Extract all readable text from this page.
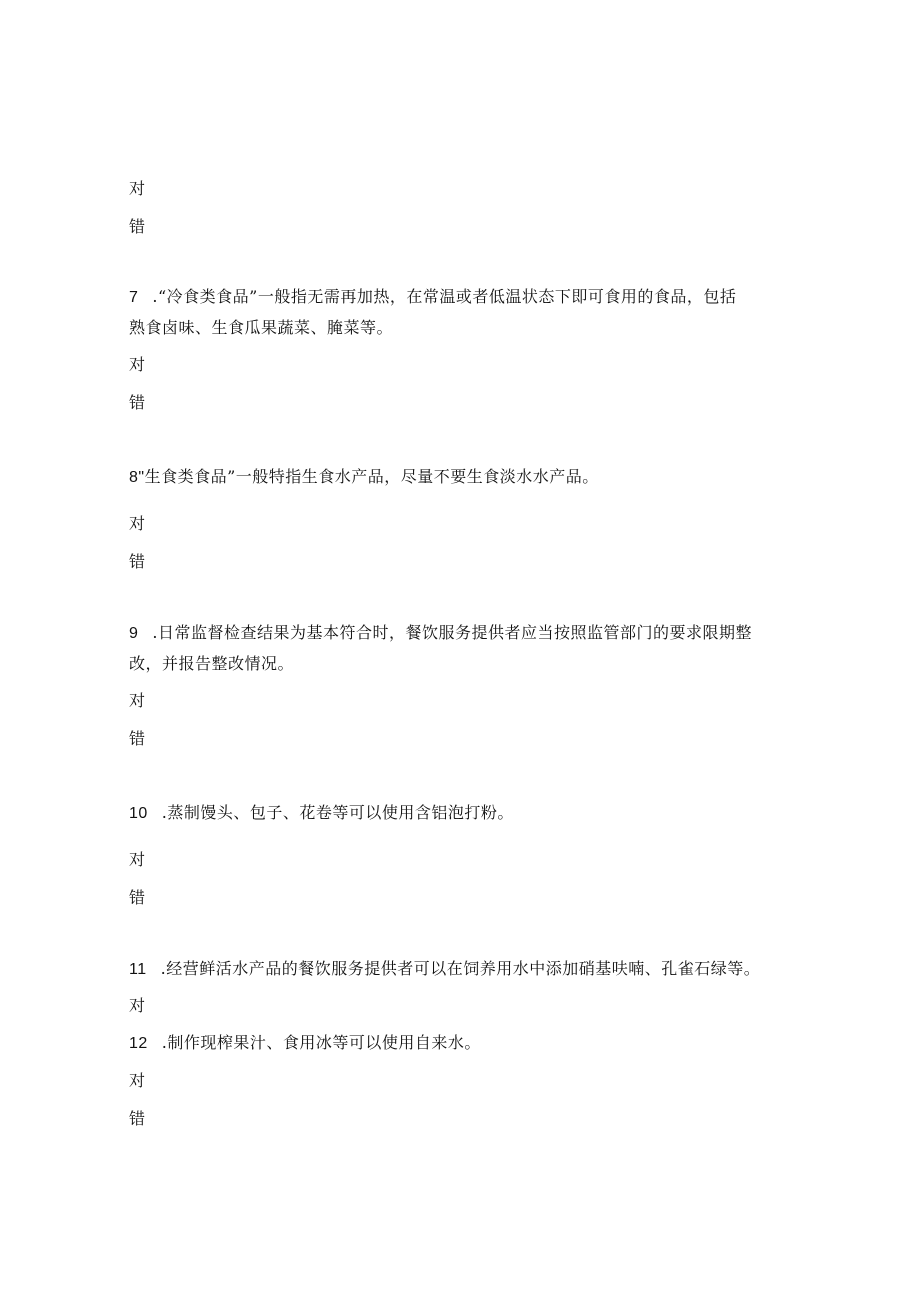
对
错
7 .“冷食类食品”一般指无需再加热，在常温或者低温状态下即可食用的食品，包括
熟食卤味、生食瓜果蔬菜、腌菜等。
对
错
8"生食类食品”一般特指生食水产品，尽量不要生食淡水水产品。
对
错
9 .日常监督检查结果为基本符合时，餐饮服务提供者应当按照监管部门的要求限期整
改，并报告整改情况。
对
错
10 .蒸制馒头、包子、花卷等可以使用含铝泡打粉。
对
错
11 .经营鲜活水产品的餐饮服务提供者可以在饲养用水中添加硝基呋喃、孔雀石绿等。
对
12 .制作现榨果汁、食用冰等可以使用自来水。
对
错
